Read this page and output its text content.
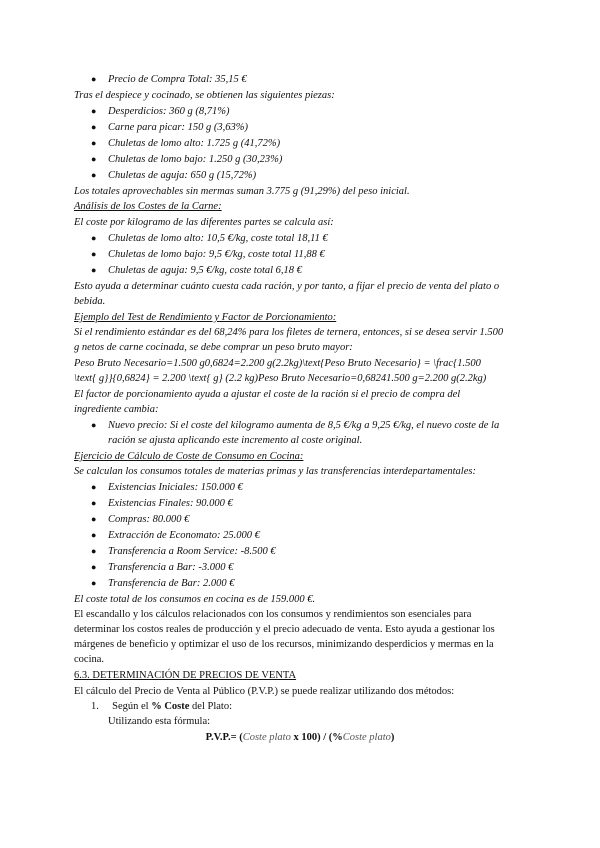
● Precio de Compra Total: 35,15 €
Tras el despiece y cocinado, se obtienen las siguientes piezas:
● Desperdicios: 360 g (8,71%)
● Carne para picar: 150 g (3,63%)
● Chuletas de lomo alto: 1.725 g (41,72%)
● Chuletas de lomo bajo: 1.250 g (30,23%)
● Chuletas de aguja: 650 g (15,72%)
Los totales aprovechables sin mermas suman 3.775 g (91,29%) del peso inicial.
Análisis de los Costes de la Carne:
El coste por kilogramo de las diferentes partes se calcula así:
● Chuletas de lomo alto: 10,5 €/kg, coste total 18,11 €
● Chuletas de lomo bajo: 9,5 €/kg, coste total 11,88 €
● Chuletas de aguja: 9,5 €/kg, coste total 6,18 €
Esto ayuda a determinar cuánto cuesta cada ración, y por tanto, a fijar el precio de venta del plato o
bebida.
Ejemplo del Test de Rendimiento y Factor de Porcionamiento:
Si el rendimiento estándar es del 68,24% para los filetes de ternera, entonces, si se desea servir 1.500
g netos de carne cocinada, se debe comprar un peso bruto mayor:
Peso Bruto Necesario=1.500 g0,6824=2.200 g(2.2kg)\text{Peso Bruto Necesario} = \frac{1.500
\text{ g}}{0,6824} = 2.200 \text{ g} (2.2 kg)Peso Bruto Necesario=0,68241.500 g=2.200 g(2.2kg)
El factor de porcionamiento ayuda a ajustar el coste de la ración si el precio de compra del
ingrediente cambia:
● Nuevo precio: Si el coste del kilogramo aumenta de 8,5 €/kg a 9,25 €/kg, el nuevo coste de la
ración se ajusta aplicando este incremento al coste original.
Ejercicio de Cálculo de Coste de Consumo en Cocina:
Se calculan los consumos totales de materias primas y las transferencias interdepartamentales:
● Existencias Iniciales: 150.000 €
● Existencias Finales: 90.000 €
● Compras: 80.000 €
● Extracción de Economato: 25.000 €
● Transferencia a Room Service: -8.500 €
● Transferencia a Bar: -3.000 €
● Transferencia de Bar: 2.000 €
El coste total de los consumos en cocina es de 159.000 €.
El escandallo y los cálculos relacionados con los consumos y rendimientos son esenciales para
determinar los costos reales de producción y el precio adecuado de venta. Esto ayuda a gestionar los
márgenes de beneficio y optimizar el uso de los recursos, minimizando desperdicios y mermas en la
cocina.
6.3. DETERMINACIÓN DE PRECIOS DE VENTA
El cálculo del Precio de Venta al Público (P.V.P.) se puede realizar utilizando dos métodos:
1. Según el % Coste del Plato:
Utilizando esta fórmula:
P.V.P.= (Coste plato x 100) / (%Coste plato)
